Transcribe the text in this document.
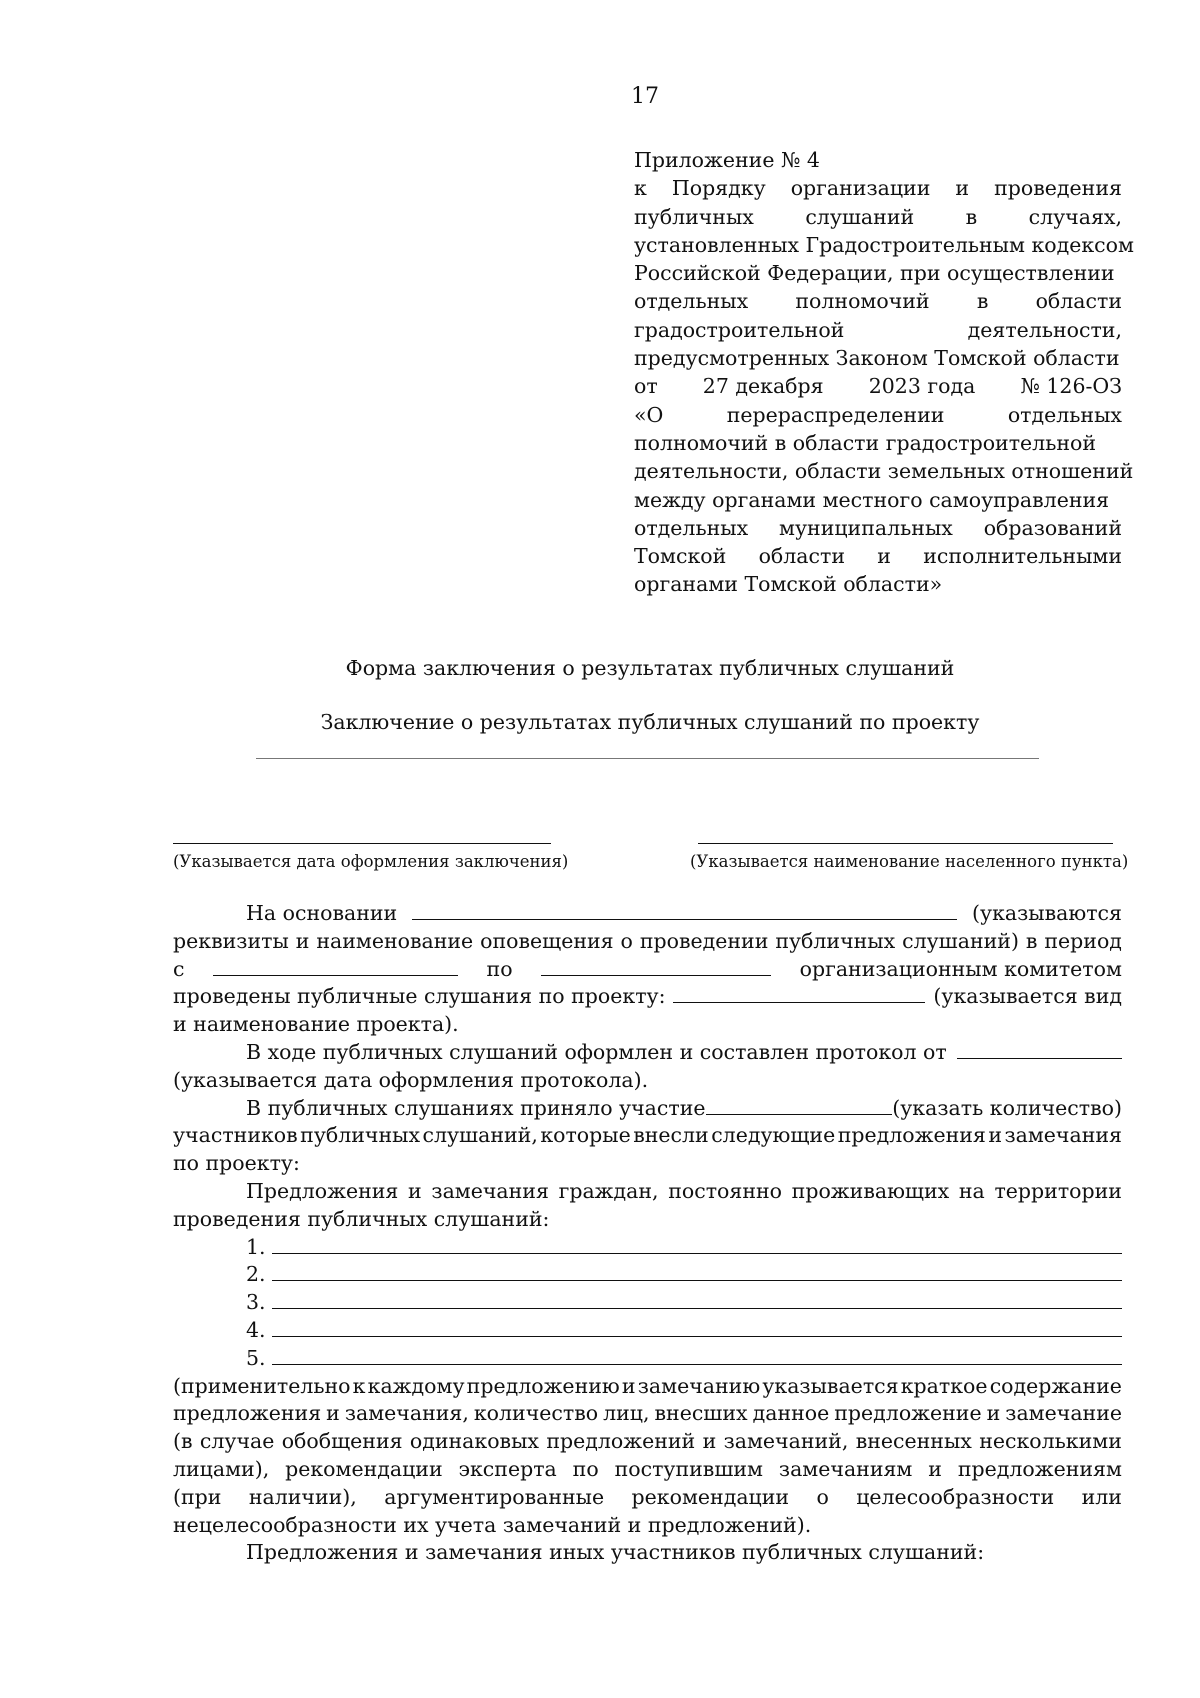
17
Приложение № 4
к Порядку организации и проведения
публичных	слушаний	в	случаях,
установленных Градостроительным кодексом
Российской Федерации, при осуществлении
отдельных полномочий в области
градостроительной	деятельности,
предусмотренных Законом Томской области
от 27 декабря 2023 года № 126-ОЗ
«О	перераспределении	отдельных
полномочий в области градостроительной
деятельности, области земельных отношений
между органами местного самоуправления
отдельных муниципальных образований
Томской области и исполнительными
органами Томской области»
Форма заключения о результатах публичных слушаний
Заключение о результатах публичных слушаний по проекту
(Указывается дата оформления заключения)	(Указывается наименование населенного пункта)
На основании	(указываются
реквизиты и наименование оповещения о проведении публичных слушаний) в период
с	по	организационным комитетом
проведены публичные слушания по проекту:	(указывается вид
и наименование проекта).
В ходе публичных слушаний оформлен и составлен протокол от
(указывается дата оформления протокола).
В публичных слушаниях приняло участие	(указать количество)
участников публичных слушаний, которые внесли следующие предложения и замечания
по проекту:
Предложения и замечания граждан, постоянно проживающих на территории
проведения публичных слушаний:
1.
2.
3.
4.
5.
(применительно к каждому предложению и замечанию указывается краткое содержание
предложения и замечания, количество лиц, внесших данное предложение и замечание
(в случае обобщения одинаковых предложений и замечаний, внесенных несколькими
лицами), рекомендации эксперта по поступившим замечаниям и предложениям
(при наличии), аргументированные рекомендации о целесообразности или
нецелесообразности их учета замечаний и предложений).
Предложения и замечания иных участников публичных слушаний:
